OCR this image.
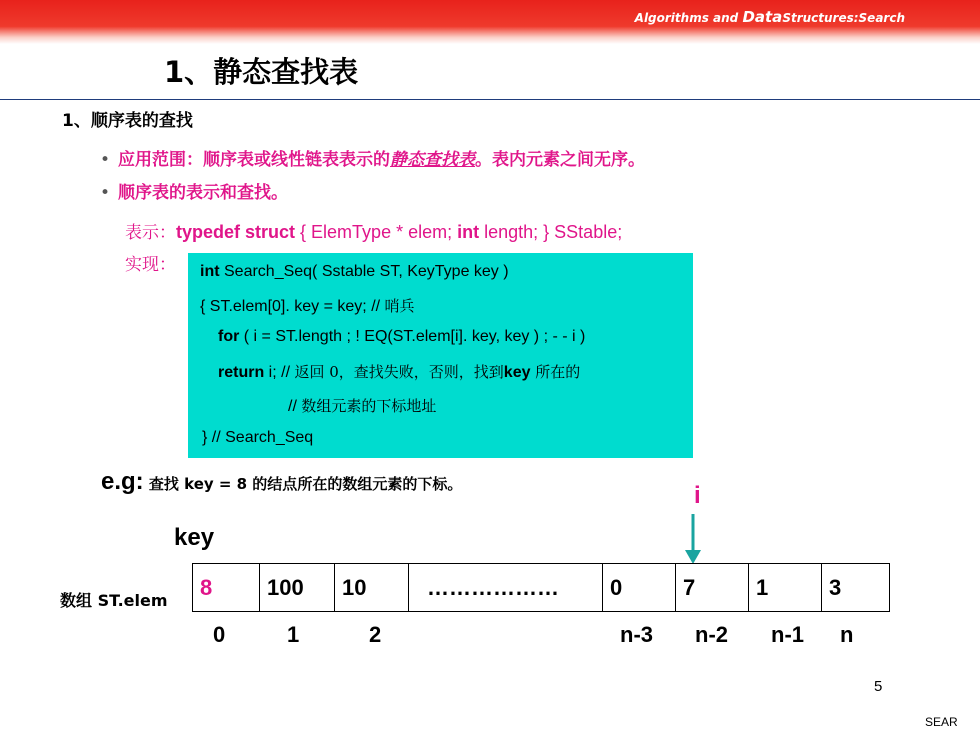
Algorithms and DataStructures:Search
1、静态查找表
1、顺序表的查找
• 应用范围：顺序表或线性链表表示的静态查找表。表内元素之间无序。
• 顺序表的表示和查找。
表示：typedef struct { ElemType * elem; int length; } SStable;
实现： int Search_Seq( Sstable ST, KeyType key )
{ ST.elem[0]. key = key; // 哨兵
for ( i = ST.length ; ! EQ(ST.elem[i]. key, key ) ; - - i )
return i; // 返回 0，查找失败，否则，找到key 所在的
// 数组元素的下标地址
} // Search_Seq
e.g: 查找 key = 8 的结点所在的数组元素的下标。	i
key
数组 ST.elem
8	100	10	………………	0	7	1	3
0	1	2	n-3 n-2 n-1 n
5
SEAR
